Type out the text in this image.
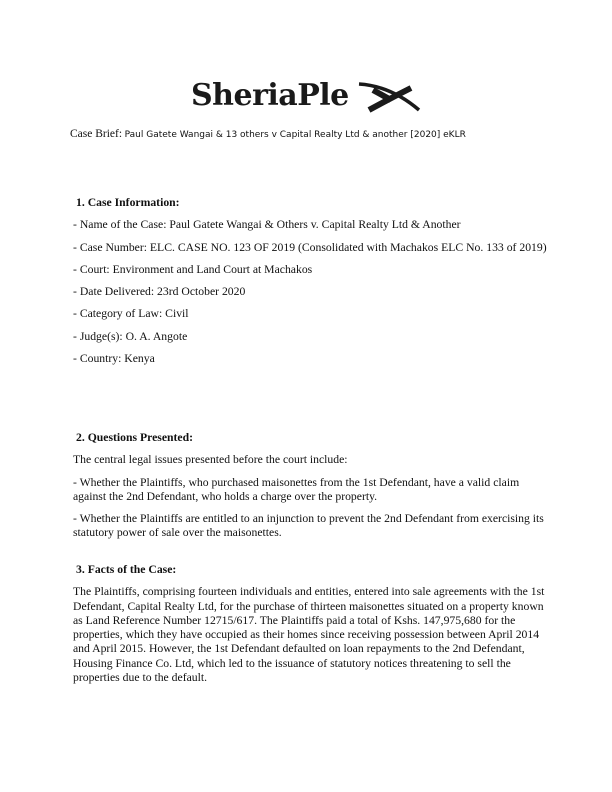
SheriaPle
Case Brief: Paul Gatete Wangai & 13 others v Capital Realty Ltd & another [2020] eKLR
1. Case Information:

- Name of the Case: Paul Gatete Wangai & Others v. Capital Realty Ltd & Another

- Case Number: ELC. CASE NO. 123 OF 2019 (Consolidated with Machakos ELC No. 133 of 2019)

- Court: Environment and Land Court at Machakos

- Date Delivered: 23rd October 2020

- Category of Law: Civil

- Judge(s): O. A. Angote

- Country: Kenya

2. Questions Presented:

The central legal issues presented before the court include:

- Whether the Plaintiffs, who purchased maisonettes from the 1st Defendant, have a valid claim against the 2nd Defendant, who holds a charge over the property.

- Whether the Plaintiffs are entitled to an injunction to prevent the 2nd Defendant from exercising its statutory power of sale over the maisonettes.

3. Facts of the Case:

The Plaintiffs, comprising fourteen individuals and entities, entered into sale agreements with the 1st Defendant, Capital Realty Ltd, for the purchase of thirteen maisonettes situated on a property known as Land Reference Number 12715/617. The Plaintiffs paid a total of Kshs. 147,975,680 for the properties, which they have occupied as their homes since receiving possession between April 2014 and April 2015. However, the 1st Defendant defaulted on loan repayments to the 2nd Defendant, Housing Finance Co. Ltd, which led to the issuance of statutory notices threatening to sell the properties due to the default.
